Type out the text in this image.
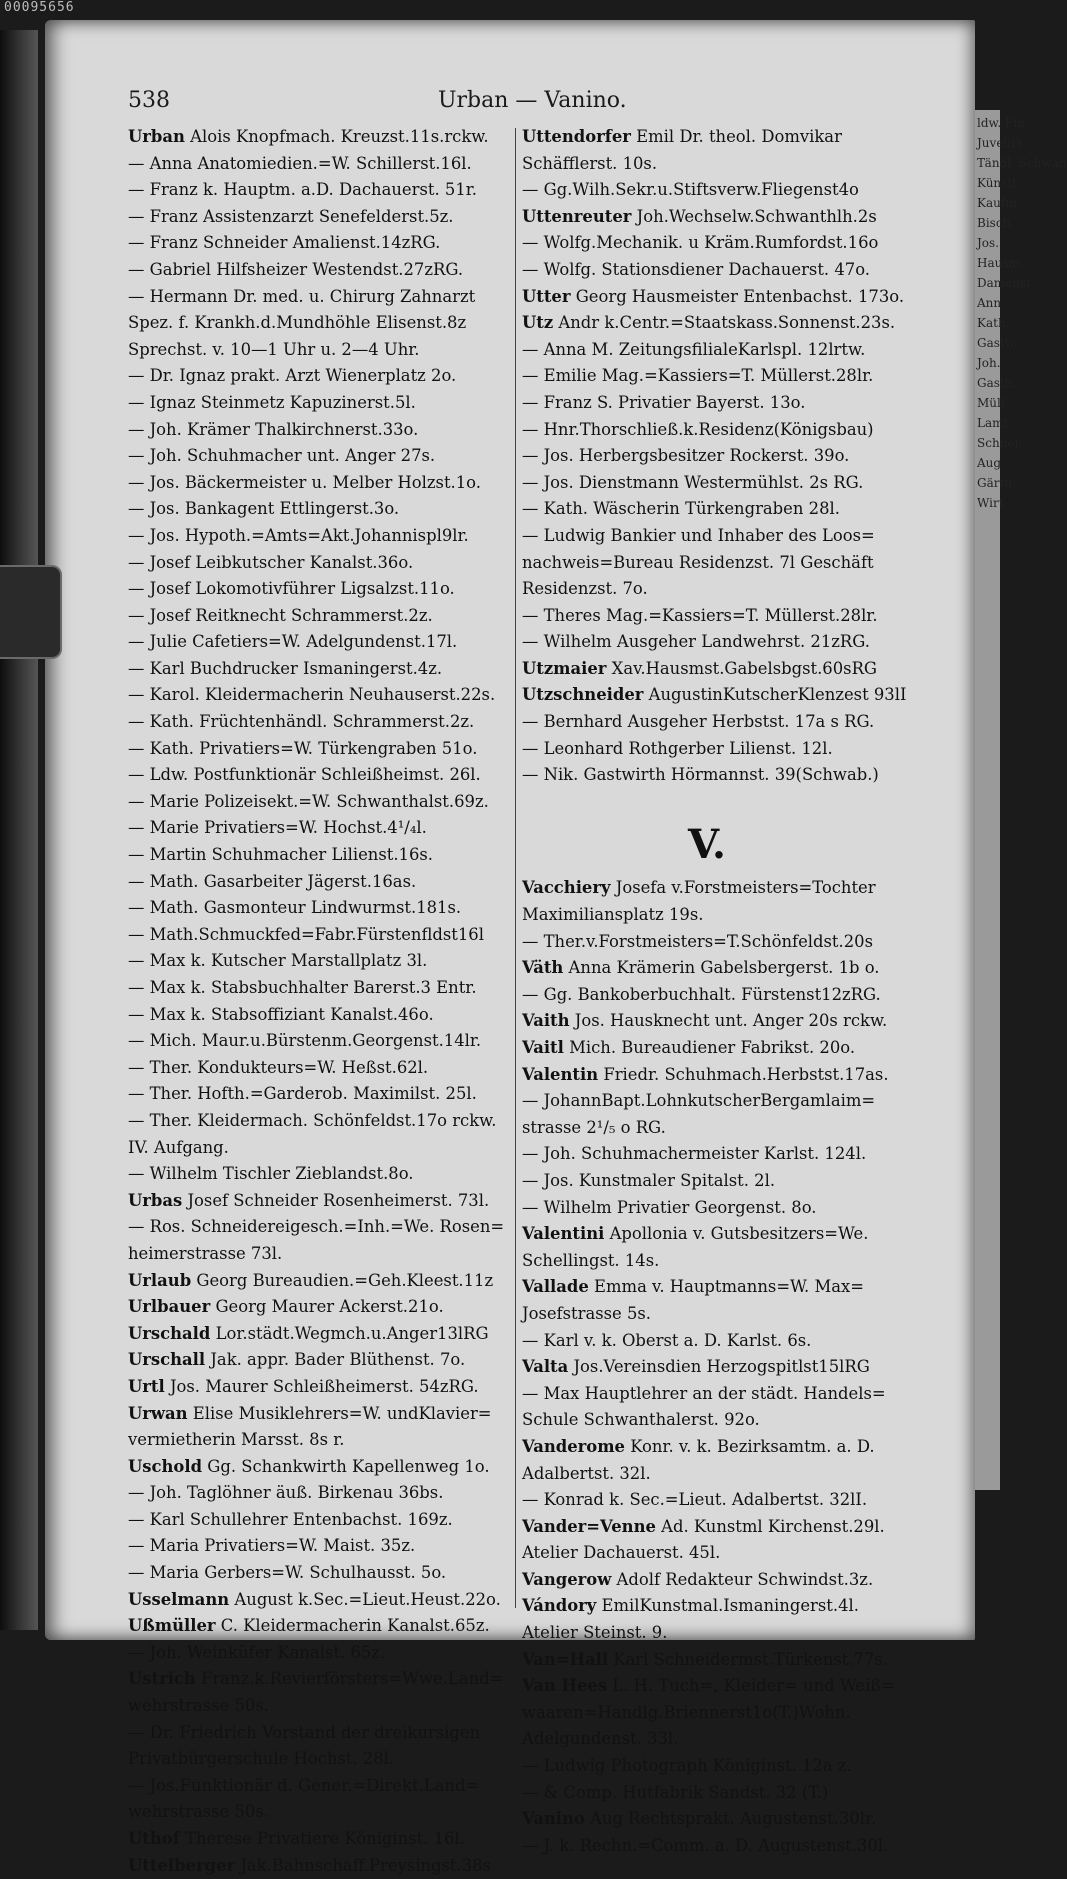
00095656
ldw. Fin.
Juvelirs
Tändl. Schwan
Künstl
Kaufm.
Bisch.
Jos.
Hausm.
Damenst.
Ann.
Kath.
Gastw.
Joh.
Gasth.
Müll.
Lamt.
Schnei.
Aug.
Gärtn.
Wirt.
538	Urban — Vanino.
Urban Alois Knopfmach. Kreuzst.11s.rckw.
— Anna Anatomiedien.=W. Schillerst.16l.
— Franz k. Hauptm. a.D. Dachauerst. 51r.
— Franz Assistenzarzt Senefelderst.5z.
— Franz Schneider Amalienst.14zRG.
— Gabriel Hilfsheizer Westendst.27zRG.
— Hermann Dr. med. u. Chirurg Zahnarzt
Spez. f. Krankh.d.Mundhöhle Elisenst.8z
Sprechst. v. 10—1 Uhr u. 2—4 Uhr.
— Dr. Ignaz prakt. Arzt Wienerplatz 2o.
— Ignaz Steinmetz Kapuzinerst.5l.
— Joh. Krämer Thalkirchnerst.33o.
— Joh. Schuhmacher unt. Anger 27s.
— Jos. Bäckermeister u. Melber Holzst.1o.
— Jos. Bankagent Ettlingerst.3o.
— Jos. Hypoth.=Amts=Akt.Johannispl9lr.
— Josef Leibkutscher Kanalst.36o.
— Josef Lokomotivführer Ligsalzst.11o.
— Josef Reitknecht Schrammerst.2z.
— Julie Cafetiers=W. Adelgundenst.17l.
— Karl Buchdrucker Ismaningerst.4z.
— Karol. Kleidermacherin Neuhauserst.22s.
— Kath. Früchtenhändl. Schrammerst.2z.
— Kath. Privatiers=W. Türkengraben 51o.
— Ldw. Postfunktionär Schleißheimst. 26l.
— Marie Polizeisekt.=W. Schwanthalst.69z.
— Marie Privatiers=W. Hochst.4¹/₄l.
— Martin Schuhmacher Lilienst.16s.
— Math. Gasarbeiter Jägerst.16as.
— Math. Gasmonteur Lindwurmst.181s.
— Math.Schmuckfed=Fabr.Fürstenfldst16l
— Max k. Kutscher Marstallplatz 3l.
— Max k. Stabsbuchhalter Barerst.3 Entr.
— Max k. Stabsoffiziant Kanalst.46o.
— Mich. Maur.u.Bürstenm.Georgenst.14lr.
— Ther. Kondukteurs=W. Heßst.62l.
— Ther. Hofth.=Garderob. Maximilst. 25l.
— Ther. Kleidermach. Schönfeldst.17o rckw.
IV. Aufgang.
— Wilhelm Tischler Zieblandst.8o.
Urbas Josef Schneider Rosenheimerst. 73l.
— Ros. Schneidereigesch.=Inh.=We. Rosen=
heimerstrasse 73l.
Urlaub Georg Bureaudien.=Geh.Kleest.11z
Urlbauer Georg Maurer Ackerst.21o.
Urschald Lor.städt.Wegmch.u.Anger13lRG
Urschall Jak. appr. Bader Blüthenst. 7o.
Urtl Jos. Maurer Schleißheimerst. 54zRG.
Urwan Elise Musiklehrers=W. undKlavier=
vermietherin Marsst. 8s r.
Uschold Gg. Schankwirth Kapellenweg 1o.
— Joh. Taglöhner äuß. Birkenau 36bs.
— Karl Schullehrer Entenbachst. 169z.
— Maria Privatiers=W. Maist. 35z.
— Maria Gerbers=W. Schulhausst. 5o.
Usselmann August k.Sec.=Lieut.Heust.22o.
Ußmüller C. Kleidermacherin Kanalst.65z.
— Joh. Weinküfer Kanalst. 65z.
Ustrich Franz.k.Revierförsters=Wwe.Land=
wehrstrasse 50s.
— Dr. Friedrich Vorstand der dreikursigen
Privatbürgerschule Hochst. 28l.
— Jos.Funktionär d. Gener.=Direkt.Land=
wehrstrasse 50s.
Uthof Therese Privatiere Königinst. 16l.
Uttelberger Jak.Bahnschaff.Preysingst.38s
Uttendorfer Emil Dr. theol. Domvikar
Schäfflerst. 10s.
— Gg.Wilh.Sekr.u.Stiftsverw.Fliegenst4o
Uttenreuter Joh.Wechselw.Schwanthlh.2s
— Wolfg.Mechanik. u Kräm.Rumfordst.16o
— Wolfg. Stationsdiener Dachauerst. 47o.
Utter Georg Hausmeister Entenbachst. 173o.
Utz Andr k.Centr.=Staatskass.Sonnenst.23s.
— Anna M. ZeitungsfilialeKarlspl. 12lrtw.
— Emilie Mag.=Kassiers=T. Müllerst.28lr.
— Franz S. Privatier Bayerst. 13o.
— Hnr.Thorschließ.k.Residenz(Königsbau)
— Jos. Herbergsbesitzer Rockerst. 39o.
— Jos. Dienstmann Westermühlst. 2s RG.
— Kath. Wäscherin Türkengraben 28l.
— Ludwig Bankier und Inhaber des Loos=
nachweis=Bureau Residenzst. 7l Geschäft
Residenzst. 7o.
— Theres Mag.=Kassiers=T. Müllerst.28lr.
— Wilhelm Ausgeher Landwehrst. 21zRG.
Utzmaier Xav.Hausmst.Gabelsbgst.60sRG
Utzschneider AugustinKutscherKlenzest 93lI
— Bernhard Ausgeher Herbstst. 17a s RG.
— Leonhard Rothgerber Lilienst. 12l.
— Nik. Gastwirth Hörmannst. 39(Schwab.)
V.
Vacchiery Josefa v.Forstmeisters=Tochter
Maximiliansplatz 19s.
— Ther.v.Forstmeisters=T.Schönfeldst.20s
Väth Anna Krämerin Gabelsbergerst. 1b o.
— Gg. Bankoberbuchhalt. Fürstenst12zRG.
Vaith Jos. Hausknecht unt. Anger 20s rckw.
Vaitl Mich. Bureaudiener Fabrikst. 20o.
Valentin Friedr. Schuhmach.Herbstst.17as.
— JohannBapt.LohnkutscherBergamlaim=
strasse 2¹/₅ o RG.
— Joh. Schuhmachermeister Karlst. 124l.
— Jos. Kunstmaler Spitalst. 2l.
— Wilhelm Privatier Georgenst. 8o.
Valentini Apollonia v. Gutsbesitzers=We.
Schellingst. 14s.
Vallade Emma v. Hauptmanns=W. Max=
Josefstrasse 5s.
— Karl v. k. Oberst a. D. Karlst. 6s.
Valta Jos.Vereinsdien Herzogspitlst15lRG
— Max Hauptlehrer an der städt. Handels=
Schule Schwanthalerst. 92o.
Vanderome Konr. v. k. Bezirksamtm. a. D.
Adalbertst. 32l.
— Konrad k. Sec.=Lieut. Adalbertst. 32lI.
Vander=Venne Ad. Kunstml Kirchenst.29l.
Atelier Dachauerst. 45l.
Vangerow Adolf Redakteur Schwindst.3z.
Vándory EmilKunstmal.Ismaningerst.4l.
Atelier Steinst. 9.
Van=Hall Karl Schneidermst.Türkenst.77s.
Van Hees L. H. Tuch=, Kleider= und Weiß=
waaren=Handlg.Briennerst1o(T.)Wohn.
Adelgundenst. 33l.
— Ludwig Photograph Königinst. 12a z.
— & Comp. Hutfabrik Sandst. 32 (T.)
Vanino Aug Rechtsprakt. Augustenst.30lr.
— J. k. Rechn.=Comm. a. D. Augustenst.30l.
